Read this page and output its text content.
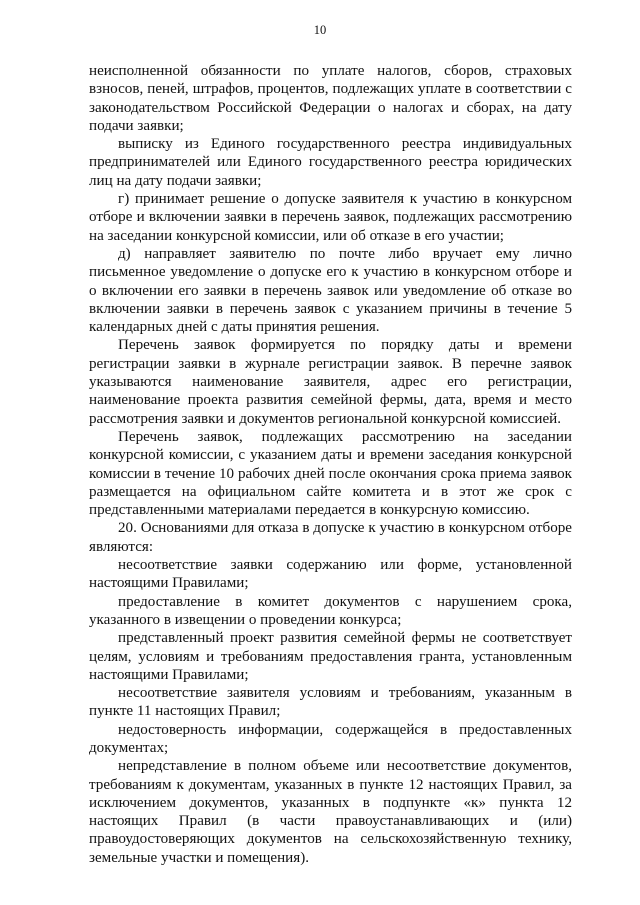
10

неисполненной обязанности по уплате налогов, сборов, страховых взносов, пеней, штрафов, процентов, подлежащих уплате в соответствии с законодательством Российской Федерации о налогах и сборах, на дату подачи заявки;

выписку из Единого государственного реестра индивидуальных предпринимателей или Единого государственного реестра юридических лиц на дату подачи заявки;

г) принимает решение о допуске заявителя к участию в конкурсном отборе и включении заявки в перечень заявок, подлежащих рассмотрению на заседании конкурсной комиссии, или об отказе в его участии;

д) направляет заявителю по почте либо вручает ему лично письменное уведомление о допуске его к участию в конкурсном отборе и о включении его заявки в перечень заявок или уведомление об отказе во включении заявки в перечень заявок с указанием причины в течение 5 календарных дней с даты принятия решения.

Перечень заявок формируется по порядку даты и времени регистрации заявки в журнале регистрации заявок. В перечне заявок указываются наименование заявителя, адрес его регистрации, наименование проекта развития семейной фермы, дата, время и место рассмотрения заявки и документов региональной конкурсной комиссией.

Перечень заявок, подлежащих рассмотрению на заседании конкурсной комиссии, с указанием даты и времени заседания конкурсной комиссии в течение 10 рабочих дней после окончания срока приема заявок размещается на официальном сайте комитета и в этот же срок с представленными материалами передается в конкурсную комиссию.

20. Основаниями для отказа в допуске к участию в конкурсном отборе являются:

несоответствие заявки содержанию или форме, установленной настоящими Правилами;

предоставление в комитет документов с нарушением срока, указанного в извещении о проведении конкурса;

представленный проект развития семейной фермы не соответствует целям, условиям и требованиям предоставления гранта, установленным настоящими Правилами;

несоответствие заявителя условиям и требованиям, указанным в пункте 11 настоящих Правил;

недостоверность информации, содержащейся в предоставленных документах;

непредставление в полном объеме или несоответствие документов, требованиям к документам, указанных в пункте 12 настоящих Правил, за исключением документов, указанных в подпункте «к» пункта 12 настоящих Правил (в части правоустанавливающих и (или) правоудостоверяющих документов на сельскохозяйственную технику, земельные участки и помещения).
